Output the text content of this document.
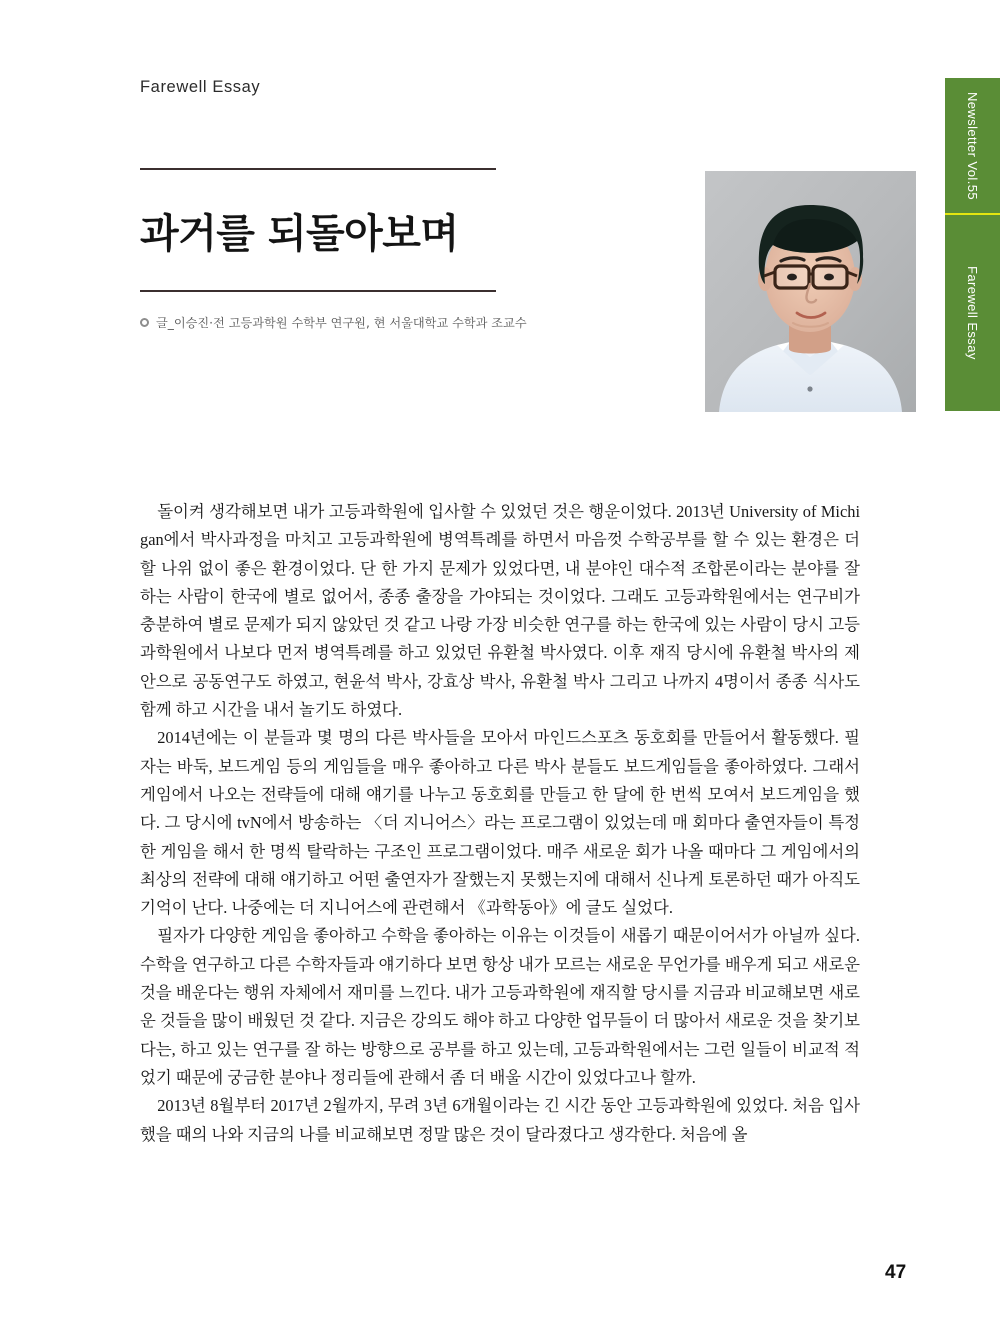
Farewell Essay
과거를 되돌아보며
글_이승진·전 고등과학원 수학부 연구원, 현 서울대학교 수학과 조교수
Newsletter Vol.55
Farewell Essay

돌이켜 생각해보면 내가 고등과학원에 입사할 수 있었던 것은 행운이었다. 2013년 University of Michigan에서 박사과정을 마치고 고등과학원에 병역특례를 하면서 마음껏 수학공부를 할 수 있는 환경은 더할 나위 없이 좋은 환경이었다. 단 한 가지 문제가 있었다면, 내 분야인 대수적 조합론이라는 분야를 잘 하는 사람이 한국에 별로 없어서, 종종 출장을 가야되는 것이었다. 그래도 고등과학원에서는 연구비가 충분하여 별로 문제가 되지 않았던 것 같고 나랑 가장 비슷한 연구를 하는 한국에 있는 사람이 당시 고등과학원에서 나보다 먼저 병역특례를 하고 있었던 유환철 박사였다. 이후 재직 당시에 유환철 박사의 제안으로 공동연구도 하였고, 현윤석 박사, 강효상 박사, 유환철 박사 그리고 나까지 4명이서 종종 식사도 함께 하고 시간을 내서 놀기도 하였다.

2014년에는 이 분들과 몇 명의 다른 박사들을 모아서 마인드스포츠 동호회를 만들어서 활동했다. 필자는 바둑, 보드게임 등의 게임들을 매우 좋아하고 다른 박사 분들도 보드게임들을 좋아하였다. 그래서 게임에서 나오는 전략들에 대해 얘기를 나누고 동호회를 만들고 한 달에 한 번씩 모여서 보드게임을 했다. 그 당시에 tvN에서 방송하는 〈더 지니어스〉라는 프로그램이 있었는데 매 회마다 출연자들이 특정한 게임을 해서 한 명씩 탈락하는 구조인 프로그램이었다. 매주 새로운 회가 나올 때마다 그 게임에서의 최상의 전략에 대해 얘기하고 어떤 출연자가 잘했는지 못했는지에 대해서 신나게 토론하던 때가 아직도 기억이 난다. 나중에는 더 지니어스에 관련해서 《과학동아》에 글도 실었다.

필자가 다양한 게임을 좋아하고 수학을 좋아하는 이유는 이것들이 새롭기 때문이어서가 아닐까 싶다. 수학을 연구하고 다른 수학자들과 얘기하다 보면 항상 내가 모르는 새로운 무언가를 배우게 되고 새로운 것을 배운다는 행위 자체에서 재미를 느낀다. 내가 고등과학원에 재직할 당시를 지금과 비교해보면 새로운 것들을 많이 배웠던 것 같다. 지금은 강의도 해야 하고 다양한 업무들이 더 많아서 새로운 것을 찾기보다는, 하고 있는 연구를 잘 하는 방향으로 공부를 하고 있는데, 고등과학원에서는 그런 일들이 비교적 적었기 때문에 궁금한 분야나 정리들에 관해서 좀 더 배울 시간이 있었다고나 할까.

2013년 8월부터 2017년 2월까지, 무려 3년 6개월이라는 긴 시간 동안 고등과학원에 있었다. 처음 입사했을 때의 나와 지금의 나를 비교해보면 정말 많은 것이 달라졌다고 생각한다. 처음에 올

47
